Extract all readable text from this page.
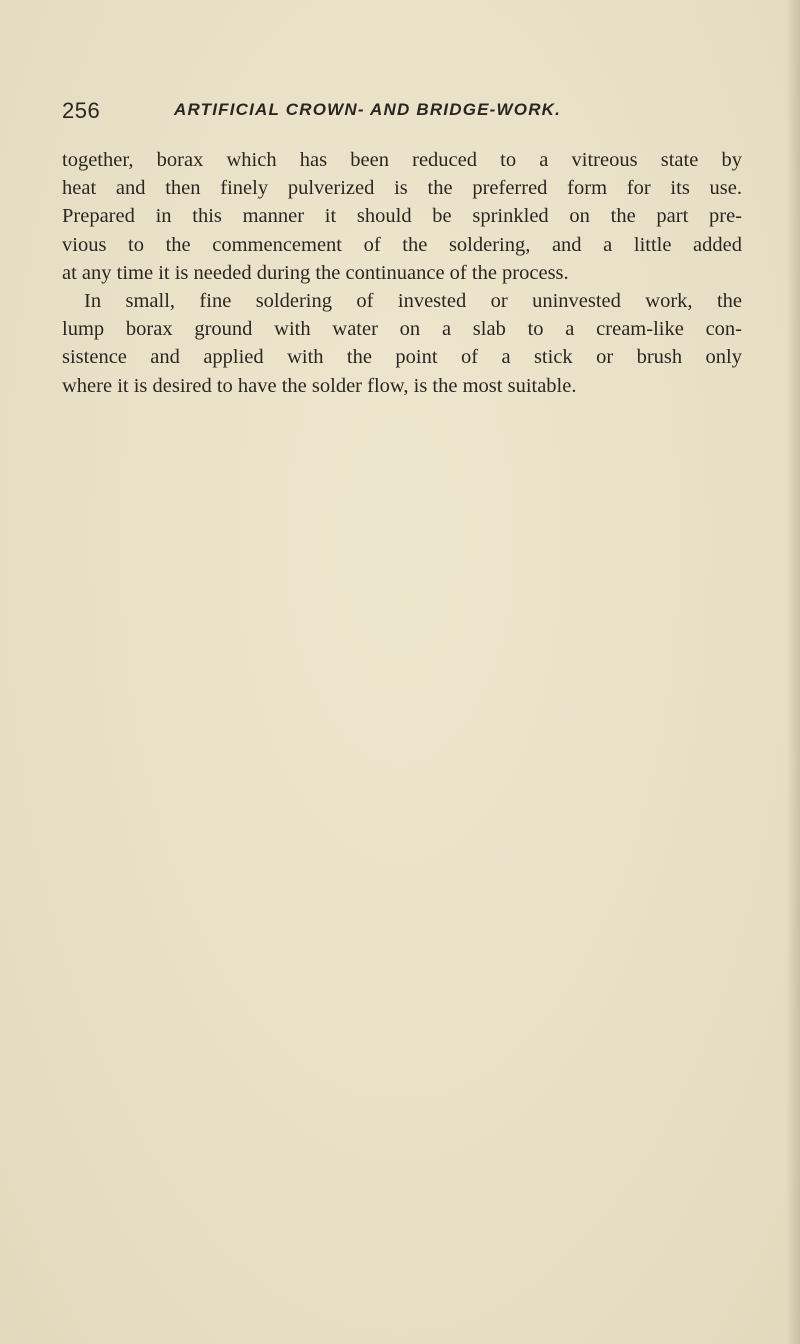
256	ARTIFICIAL CROWN- AND BRIDGE-WORK.

together, borax which has been reduced to a vitreous state by
heat and then finely pulverized is the preferred form for its use.
Prepared in this manner it should be sprinkled on the part pre-
vious to the commencement of the soldering, and a little added
at any time it is needed during the continuance of the process.

In small, fine soldering of invested or uninvested work, the
lump borax ground with water on a slab to a cream-like con-
sistence and applied with the point of a stick or brush only
where it is desired to have the solder flow, is the most suitable.
